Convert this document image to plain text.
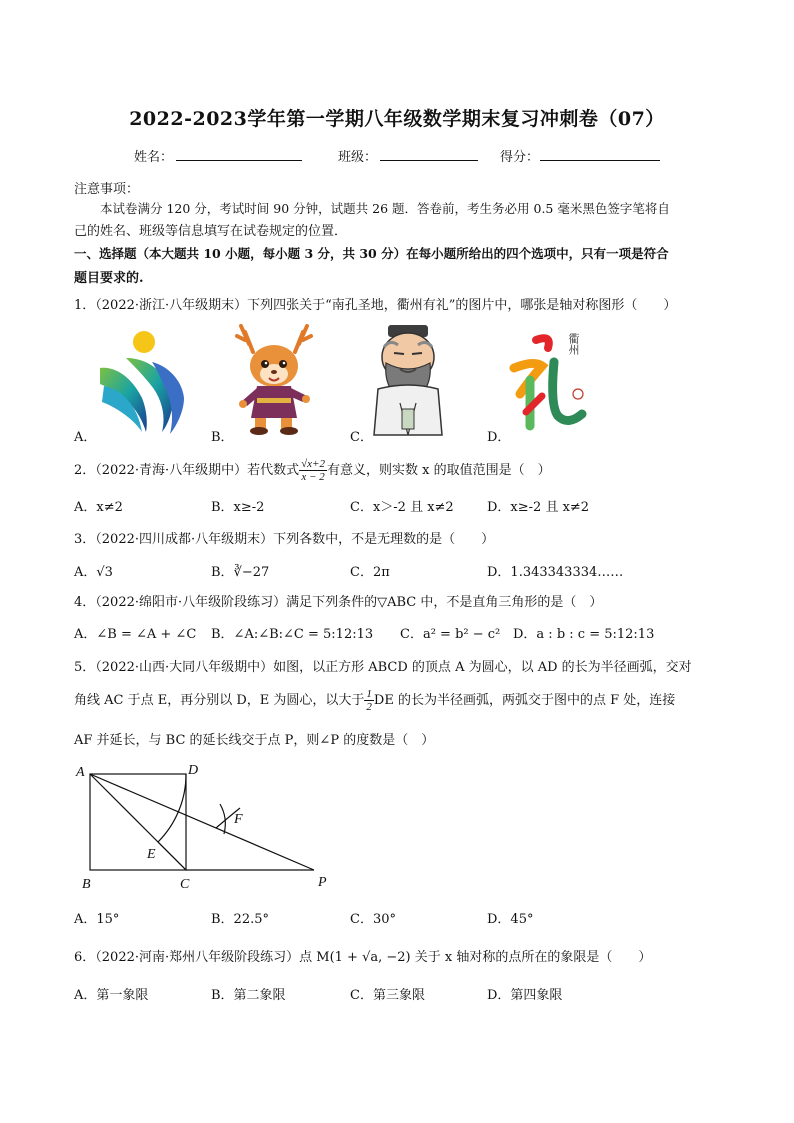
2022-2023学年第一学期八年级数学期末复习冲刺卷（07）
姓名：	班级：	得分：
注意事项：
本试卷满分 120 分，考试时间 90 分钟，试题共 26 题．答卷前，考生务必用 0.5 毫米黑色签字笔将自
己的姓名、班级等信息填写在试卷规定的位置．
一、选择题（本大题共 10 小题，每小题 3 分，共 30 分）在每小题所给出的四个选项中，只有一项是符合
题目要求的.
1．（2022·浙江·八年级期末）下列四张关于“南孔圣地，衢州有礼”的图片中，哪张是轴对称图形（　　）
衢州
A．	B．	C．	D．
2．（2022·青海·八年级期中）若代数式 $\frac{√x+2}{x - 2}$ 有意义，则实数 x 的取值范围是（　）
A．x≠2	B．x≥-2	C．x＞-2 且 x≠2	D．x≥-2 且 x≠2
3．（2022·四川成都·八年级期末）下列各数中，不是无理数的是（　　）
A．√3	B．∛−27	C．2π	D．1.343343334……
4．（2022·绵阳市·八年级阶段练习）满足下列条件的▽ABC 中，不是直角三角形的是（　）
A．∠B = ∠A + ∠C B．∠A:∠B:∠C = 5:12:13 C．a² = b² − c² D．a : b : c = 5:12:13
5．（2022·山西·大同八年级期中）如图，以正方形 ABCD 的顶点 A 为圆心，以 AD 的长为半径画弧，交对
角线 AC 于点 E，再分别以 D，E 为圆心，以大于 $\frac{1}{2}$ DE 的长为半径画弧，两弧交于图中的点 F 处，连接
AF 并延长，与 BC 的延长线交于点 P，则∠P 的度数是（　）
A	D
B	C
E
F
P
A．15°	B．22.5°	C．30°	D．45°
6．（2022·河南·郑州八年级阶段练习）点 M(1 + √a, −2) 关于 x 轴对称的点所在的象限是（　　）
A．第一象限	B．第二象限	C．第三象限	D．第四象限
